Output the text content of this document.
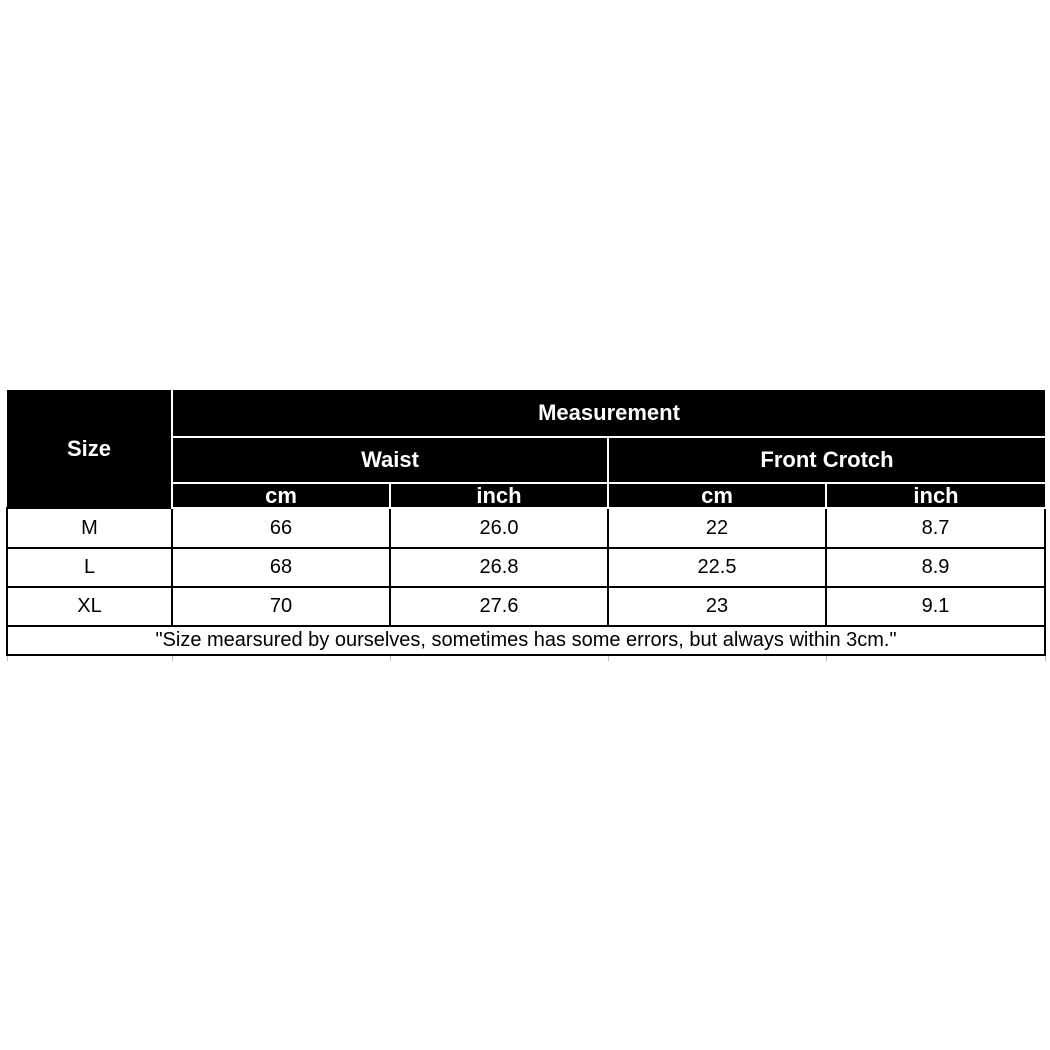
Size	Measurement			
	Waist		Front Crotch	
	cm	inch	cm	inch
M	66	26.0	22	8.7
L	68	26.8	22.5	8.9
XL	70	27.6	23	9.1
"Size mearsured by ourselves, sometimes has some errors, but always within 3cm."				
